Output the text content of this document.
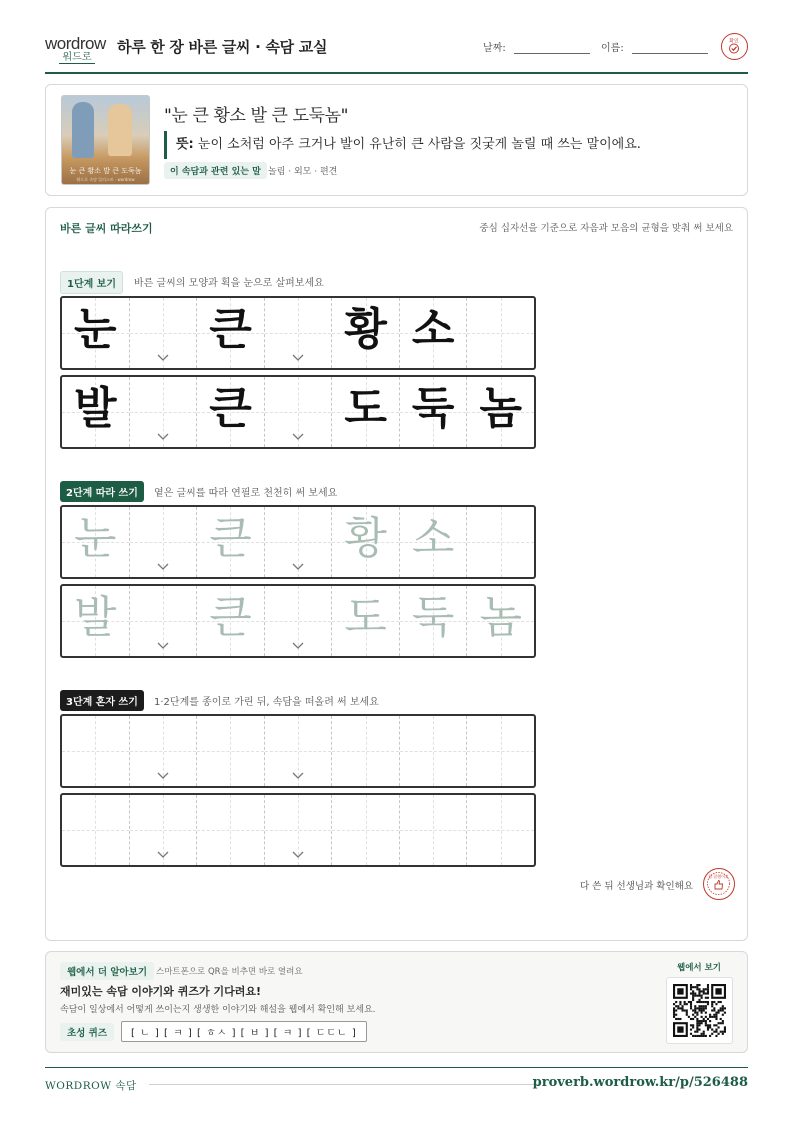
wordrow
워드로
하루 한 장 바른 글씨 · 속담 교실	날짜:	이름:
확인
눈 큰 황소 발 큰 도둑놈
워드로 속담 일러스트 · wordrow
"눈 큰 황소 발 큰 도둑놈"
뜻: 눈이 소처럼 아주 크거나 발이 유난히 큰 사람을 짓궂게 놀릴 때 쓰는 말이에요.
이 속담과 관련 있는 말 놀림 · 외모 · 편견
바른 글씨 따라쓰기	중심 십자선을 기준으로 자음과 모음의 균형을 맞춰 써 보세요
1단계 보기	바른 글씨의 모양과 획을 눈으로 살펴보세요
눈 큰 황 소
발 큰 도 둑 놈
2단계 따라 쓰기	옅은 글씨를 따라 연필로 천천히 써 보세요
눈 큰 황 소
발 큰 도 둑 놈
3단계 혼자 쓰기	1·2단계를 종이로 가린 뒤, 속담을 떠올려 써 보세요
다 쓴 뒤 선생님과 확인해요
참 잘했어요
웹에서 더 알아보기	스마트폰으로 QR을 비추면 바로 열려요
재미있는 속담 이야기와 퀴즈가 기다려요!
속담이 일상에서 어떻게 쓰이는지 생생한 이야기와 해설을 웹에서 확인해 보세요.
초성 퀴즈	[ ㄴ ] [ ㅋ ] [ ㅎㅅ ] [ ㅂ ] [ ㅋ ] [ ㄷㄷㄴ ]
웹에서 보기
WORDROW 속담	proverb.wordrow.kr/p/526488
